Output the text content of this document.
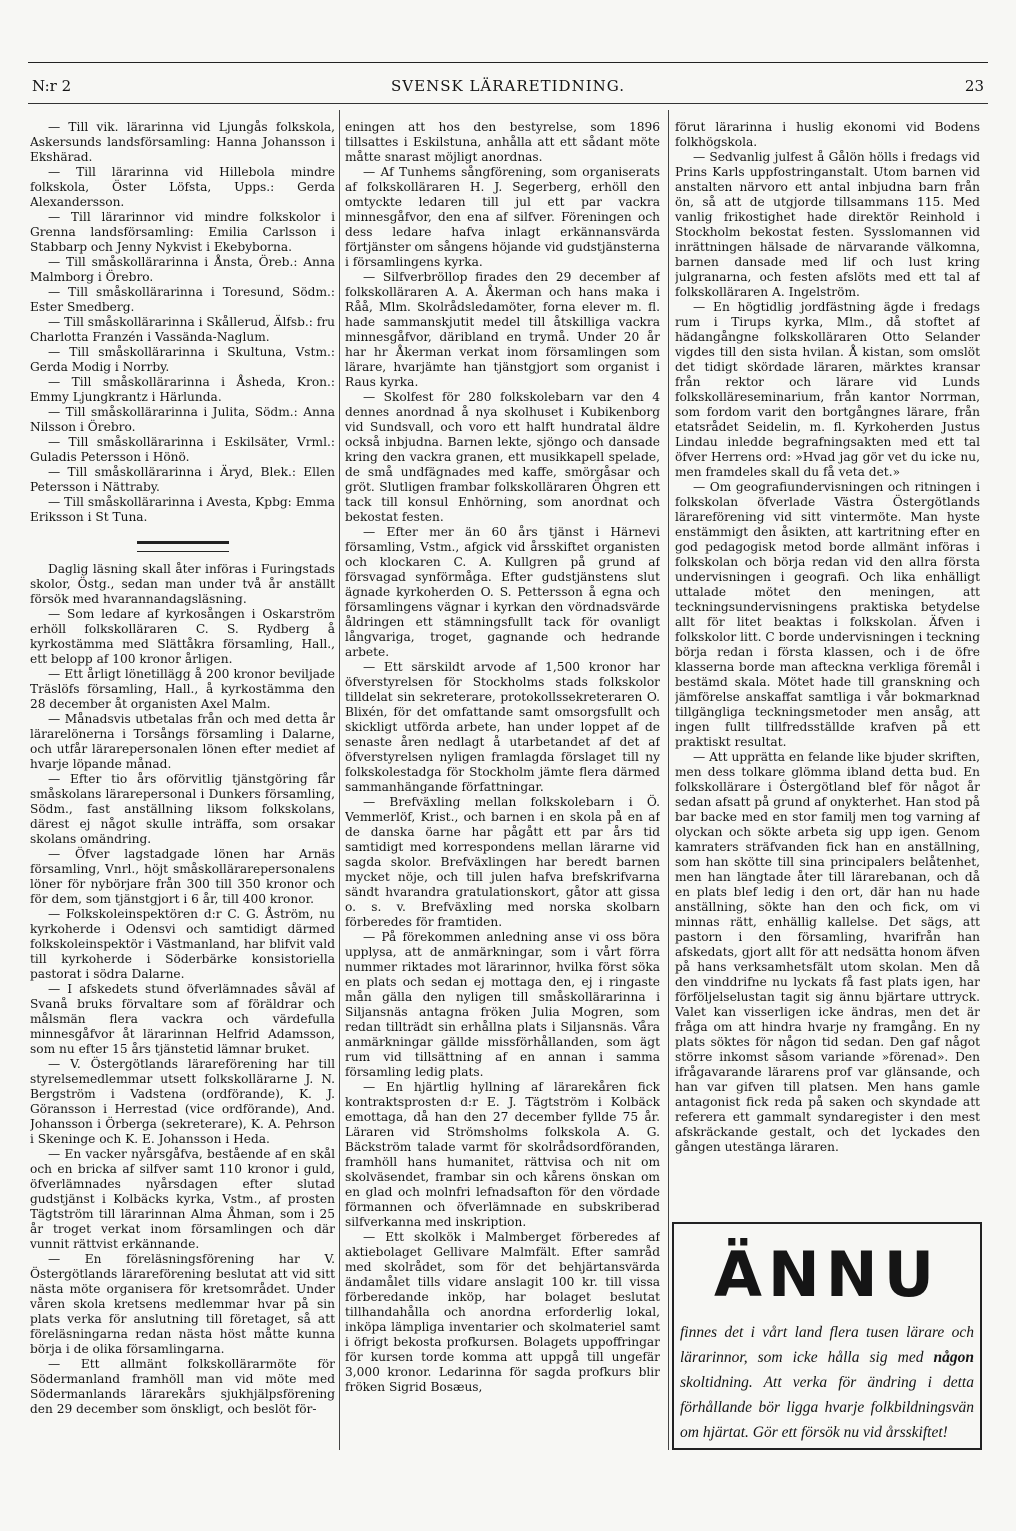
N:r 2	SVENSK LÄRARETIDNING.	23

— Till vik. lärarinna vid Ljungås folkskola, Askersunds landsförsamling: Hanna Johansson i Ekshärad.

— Till lärarinna vid Hillebola mindre folkskola, Öster Löfsta, Upps.: Gerda Alexandersson.

— Till lärarinnor vid mindre folkskolor i Grenna landsförsamling: Emilia Carlsson i Stabbarp och Jenny Nykvist i Ekebyborna.

— Till småskollärarinna i Ånsta, Öreb.: Anna Malmborg i Örebro.

— Till småskollärarinna i Toresund, Södm.: Ester Smedberg.

— Till småskollärarinna i Skållerud, Älfsb.: fru Charlotta Franzén i Vassända-Naglum.

— Till småskollärarinna i Skultuna, Vstm.: Gerda Modig i Norrby.

— Till småskollärarinna i Åsheda, Kron.: Emmy Ljungkrantz i Härlunda.

— Till småskollärarinna i Julita, Södm.: Anna Nilsson i Örebro.

— Till småskollärarinna i Eskilsäter, Vrml.: Guladis Petersson i Hönö.

— Till småskollärarinna i Äryd, Blek.: Ellen Petersson i Nättraby.

— Till småskollärarinna i Avesta, Kpbg: Emma Eriksson i St Tuna.

Daglig läsning skall åter införas i Furingstads skolor, Östg., sedan man under två år anställt försök med hvarannandagsläsning.

— Som ledare af kyrkosången i Oskarström erhöll folkskolläraren C. S. Rydberg å kyrkostämma med Slättåkra församling, Hall., ett belopp af 100 kronor årligen.

— Ett årligt lönetillägg å 200 kronor beviljade Träslöfs församling, Hall., å kyrkostämma den 28 december åt organisten Axel Malm.

— Månadsvis utbetalas från och med detta år lärarelönerna i Torsångs församling i Dalarne, och utfår lärarepersonalen lönen efter mediet af hvarje löpande månad.

— Efter tio års oförvitlig tjänstgöring får småskolans lärarepersonal i Dunkers församling, Södm., fast anställning liksom folkskolans, därest ej något skulle inträffa, som orsakar skolans omändring.

— Öfver lagstadgade lönen har Arnäs församling, Vnrl., höjt småskollärarepersonalens löner för nybörjare från 300 till 350 kronor och för dem, som tjänstgjort i 6 år, till 400 kronor.

— Folkskoleinspektören d:r C. G. Åström, nu kyrkoherde i Odensvi och samtidigt därmed folkskoleinspektör i Västmanland, har blifvit vald till kyrkoherde i Söderbärke konsistoriella pastorat i södra Dalarne.

— I afskedets stund öfverlämnades såväl af Svanå bruks förvaltare som af föräldrar och målsmän flera vackra och värdefulla minnesgåfvor åt lärarinnan Helfrid Adamsson, som nu efter 15 års tjänstetid lämnar bruket.

— V. Östergötlands lärareförening har till styrelsemedlemmar utsett folkskollärarne J. N. Bergström i Vadstena (ordförande), K. J. Göransson i Herrestad (vice ordförande), And. Johansson i Örberga (sekreterare), K. A. Pehrson i Skeninge och K. E. Johansson i Heda.

— En vacker nyårsgåfva, bestående af en skål och en bricka af silfver samt 110 kronor i guld, öfverlämnades nyårsdagen efter slutad gudstjänst i Kolbäcks kyrka, Vstm., af prosten Tägtström till lärarinnan Alma Åhman, som i 25 år troget verkat inom församlingen och där vunnit rättvist erkännande.

— En föreläsningsförening har V. Östergötlands lärareförening beslutat att vid sitt nästa möte organisera för kretsområdet. Under våren skola kretsens medlemmar hvar på sin plats verka för anslutning till företaget, så att föreläsningarna redan nästa höst måtte kunna börja i de olika församlingarna.

— Ett allmänt folkskollärarmöte för Södermanland framhöll man vid möte med Södermanlands lärarekårs sjukhjälpsförening den 29 december som önskligt, och beslöt för-

eningen att hos den bestyrelse, som 1896 tillsattes i Eskilstuna, anhålla att ett sådant möte måtte snarast möjligt anordnas.

— Af Tunhems sångförening, som organiserats af folkskolläraren H. J. Segerberg, erhöll den omtyckte ledaren till jul ett par vackra minnesgåfvor, den ena af silfver. Föreningen och dess ledare hafva inlagt erkännansvärda förtjänster om sångens höjande vid gudstjänsterna i församlingens kyrka.

— Silfverbröllop firades den 29 december af folkskolläraren A. A. Åkerman och hans maka i Råå, Mlm. Skolrådsledamöter, forna elever m. fl. hade sammanskjutit medel till åtskilliga vackra minnesgåfvor, däribland en trymå. Under 20 år har hr Åkerman verkat inom församlingen som lärare, hvarjämte han tjänstgjort som organist i Raus kyrka.

— Skolfest för 280 folkskolebarn var den 4 dennes anordnad å nya skolhuset i Kubikenborg vid Sundsvall, och voro ett halft hundratal äldre också inbjudna. Barnen lekte, sjöngo och dansade kring den vackra granen, ett musikkapell spelade, de små undfägnades med kaffe, smörgåsar och gröt. Slutligen frambar folkskolläraren Öhgren ett tack till konsul Enhörning, som anordnat och bekostat festen.

— Efter mer än 60 års tjänst i Härnevi församling, Vstm., afgick vid årsskiftet organisten och klockaren C. A. Kullgren på grund af försvagad synförmåga. Efter gudstjänstens slut ägnade kyrkoherden O. S. Pettersson å egna och församlingens vägnar i kyrkan den vördnadsvärde åldringen ett stämningsfullt tack för ovanligt långvariga, troget, gagnande och hedrande arbete.

— Ett särskildt arvode af 1,500 kronor har öfverstyrelsen för Stockholms stads folkskolor tilldelat sin sekreterare, protokollssekreteraren O. Blixén, för det omfattande samt omsorgsfullt och skickligt utförda arbete, han under loppet af de senaste åren nedlagt å utarbetandet af det af öfverstyrelsen nyligen framlagda förslaget till ny folkskolestadga för Stockholm jämte flera därmed sammanhängande författningar.

— Brefväxling mellan folkskolebarn i Ö. Vemmerlöf, Krist., och barnen i en skola på en af de danska öarne har pågått ett par års tid samtidigt med korrespondens mellan lärarne vid sagda skolor. Brefväxlingen har beredt barnen mycket nöje, och till julen hafva brefskrifvarna sändt hvarandra gratulationskort, gåtor att gissa o. s. v. Brefväxling med norska skolbarn förberedes för framtiden.

— På förekommen anledning anse vi oss böra upplysa, att de anmärkningar, som i vårt förra nummer riktades mot lärarinnor, hvilka först söka en plats och sedan ej mottaga den, ej i ringaste mån gälla den nyligen till småskollärarinna i Siljansnäs antagna fröken Julia Mogren, som redan tillträdt sin erhållna plats i Siljansnäs. Våra anmärkningar gällde missförhållanden, som ägt rum vid tillsättning af en annan i samma församling ledig plats.

— En hjärtlig hyllning af lärarekåren fick kontraktsprosten d:r E. J. Tägtström i Kolbäck emottaga, då han den 27 december fyllde 75 år. Läraren vid Strömsholms folkskola A. G. Bäckström talade varmt för skolrådsordföranden, framhöll hans humanitet, rättvisa och nit om skolväsendet, frambar sin och kårens önskan om en glad och molnfri lefnadsafton för den vördade förmannen och öfverlämnade en subskriberad silfverkanna med inskription.

— Ett skolkök i Malmberget förberedes af aktiebolaget Gellivare Malmfält. Efter samråd med skolrådet, som för det behjärtansvärda ändamålet tills vidare anslagit 100 kr. till vissa förberedande inköp, har bolaget beslutat tillhandahålla och anordna erforderlig lokal, inköpa lämpliga inventarier och skolmateriel samt i öfrigt bekosta profkursen. Bolagets uppoffringar för kursen torde komma att uppgå till ungefär 3,000 kronor. Ledarinna för sagda profkurs blir fröken Sigrid Bosæus,

förut lärarinna i huslig ekonomi vid Bodens folkhögskola.

— Sedvanlig julfest å Gålön hölls i fredags vid Prins Karls uppfostringanstalt. Utom barnen vid anstalten närvoro ett antal inbjudna barn från ön, så att de utgjorde tillsammans 115. Med vanlig frikostighet hade direktör Reinhold i Stockholm bekostat festen. Sysslomannen vid inrättningen hälsade de närvarande välkomna, barnen dansade med lif och lust kring julgranarna, och festen afslöts med ett tal af folkskolläraren A. Ingelström.

— En högtidlig jordfästning ägde i fredags rum i Tirups kyrka, Mlm., då stoftet af hädangångne folkskolläraren Otto Selander vigdes till den sista hvilan. Å kistan, som omslöt det tidigt skördade läraren, märktes kransar från rektor och lärare vid Lunds folkskolläreseminarium, från kantor Norrman, som fordom varit den bortgångnes lärare, från etatsrådet Seidelin, m. fl. Kyrkoherden Justus Lindau inledde begrafningsakten med ett tal öfver Herrens ord: »Hvad jag gör vet du icke nu, men framdeles skall du få veta det.»

— Om geografiundervisningen och ritningen i folkskolan öfverlade Västra Östergötlands lärareförening vid sitt vintermöte. Man hyste enstämmigt den åsikten, att kartritning efter en god pedagogisk metod borde allmänt införas i folkskolan och börja redan vid den allra första undervisningen i geografi. Och lika enhälligt uttalade mötet den meningen, att teckningsundervisningens praktiska betydelse allt för litet beaktas i folkskolan. Äfven i folkskolor litt. C borde undervisningen i teckning börja redan i första klassen, och i de öfre klasserna borde man afteckna verkliga föremål i bestämd skala. Mötet hade till granskning och jämförelse anskaffat samtliga i vår bokmarknad tillgängliga teckningsmetoder men ansåg, att ingen fullt tillfredsställde krafven på ett praktiskt resultat.

— Att upprätta en felande like bjuder skriften, men dess tolkare glömma ibland detta bud. En folkskollärare i Östergötland blef för något år sedan afsatt på grund af onykterhet. Han stod på bar backe med en stor familj men tog varning af olyckan och sökte arbeta sig upp igen. Genom kamraters sträfvanden fick han en anställning, som han skötte till sina principalers belåtenhet, men han längtade åter till lärarebanan, och då en plats blef ledig i den ort, där han nu hade anställning, sökte han den och fick, om vi minnas rätt, enhällig kallelse. Det sägs, att pastorn i den församling, hvarifrån han afskedats, gjort allt för att nedsätta honom äfven på hans verksamhetsfält utom skolan. Men då den vinddrifne nu lyckats få fast plats igen, har förföljelselustan tagit sig ännu bjärtare uttryck. Valet kan visserligen icke ändras, men det är fråga om att hindra hvarje ny framgång. En ny plats söktes för någon tid sedan. Den gaf något större inkomst såsom variande »förenad». Den ifrågavarande lärarens prof var glänsande, och han var gifven till platsen. Men hans gamle antagonist fick reda på saken och skyndade att referera ett gammalt syndaregister i den mest afskräckande gestalt, och det lyckades den gången utestänga läraren.

ÄNNU
finnes det i vårt land flera tusen lärare och lärarinnor, som icke hålla sig med någon skoltidning. Att verka för ändring i detta förhållande bör ligga hvarje folkbildningsvän om hjärtat. Gör ett försök nu vid årsskiftet!
